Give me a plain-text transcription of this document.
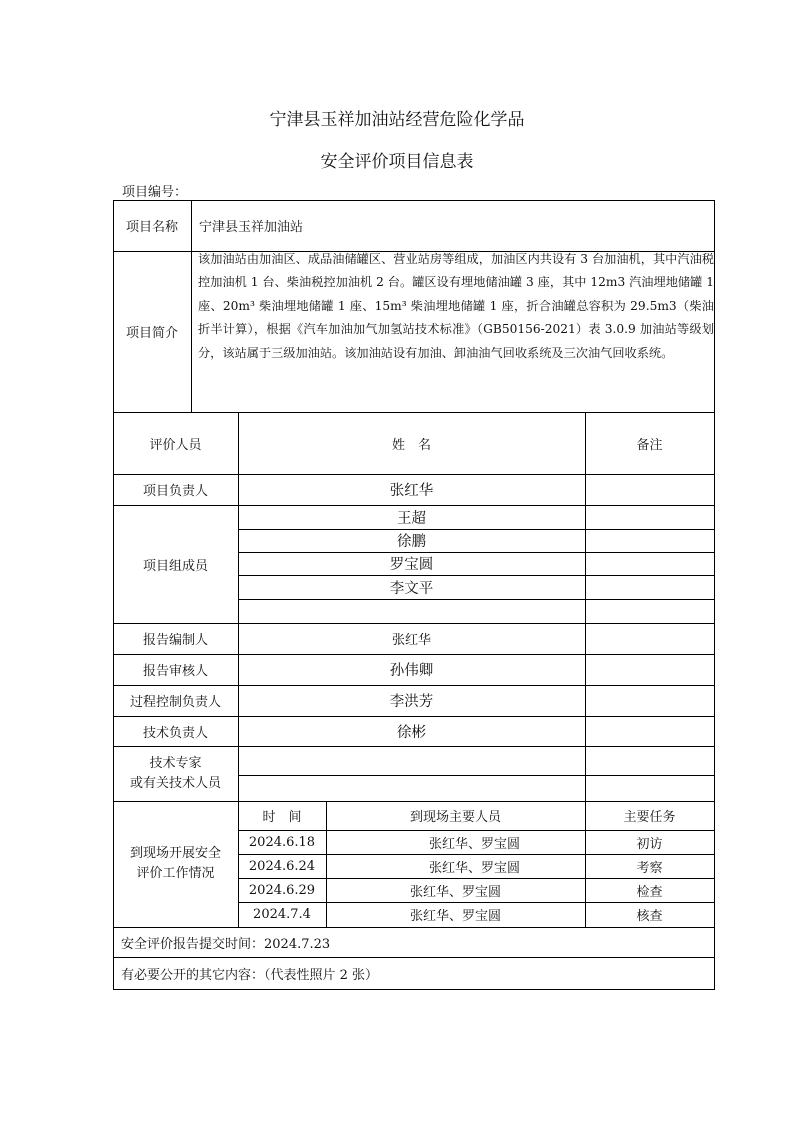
宁津县玉祥加油站经营危险化学品
安全评价项目信息表
项目编号：
项目名称	宁津县玉祥加油站
项目简介
该加油站由加油区、成品油储罐区、营业站房等组成，加油区内共设有 3 台加油机，其中汽油税控加油机 1 台、柴油税控加油机 2 台。罐区设有埋地储油罐 3 座，其中 12m3 汽油埋地储罐 1 座、20m³ 柴油埋地储罐 1 座、15m³ 柴油埋地储罐 1 座，折合油罐总容积为 29.5m3（柴油折半计算），根据《汽车加油加气加氢站技术标准》（GB50156-2021）表 3.0.9 加油站等级划分，该站属于三级加油站。该加油站设有加油、卸油油气回收系统及三次油气回收系统。
评价人员	姓　名	备注
项目负责人	张红华
项目组成员
王超
徐鹏
罗宝圆
李文平
报告编制人	张红华
报告审核人	孙伟卿
过程控制负责人	李洪芳
技术负责人	徐彬
技术专家
或有关技术人员
到现场开展安全
评价工作情况
时　间	到现场主要人员	主要任务
2024.6.18	张红华、罗宝圆	初访
2024.6.24	张红华、罗宝圆	考察
2024.6.29	张红华、罗宝圆	检查
2024.7.4	张红华、罗宝圆	核查
安全评价报告提交时间：2024.7.23
有必要公开的其它内容：（代表性照片 2 张）
